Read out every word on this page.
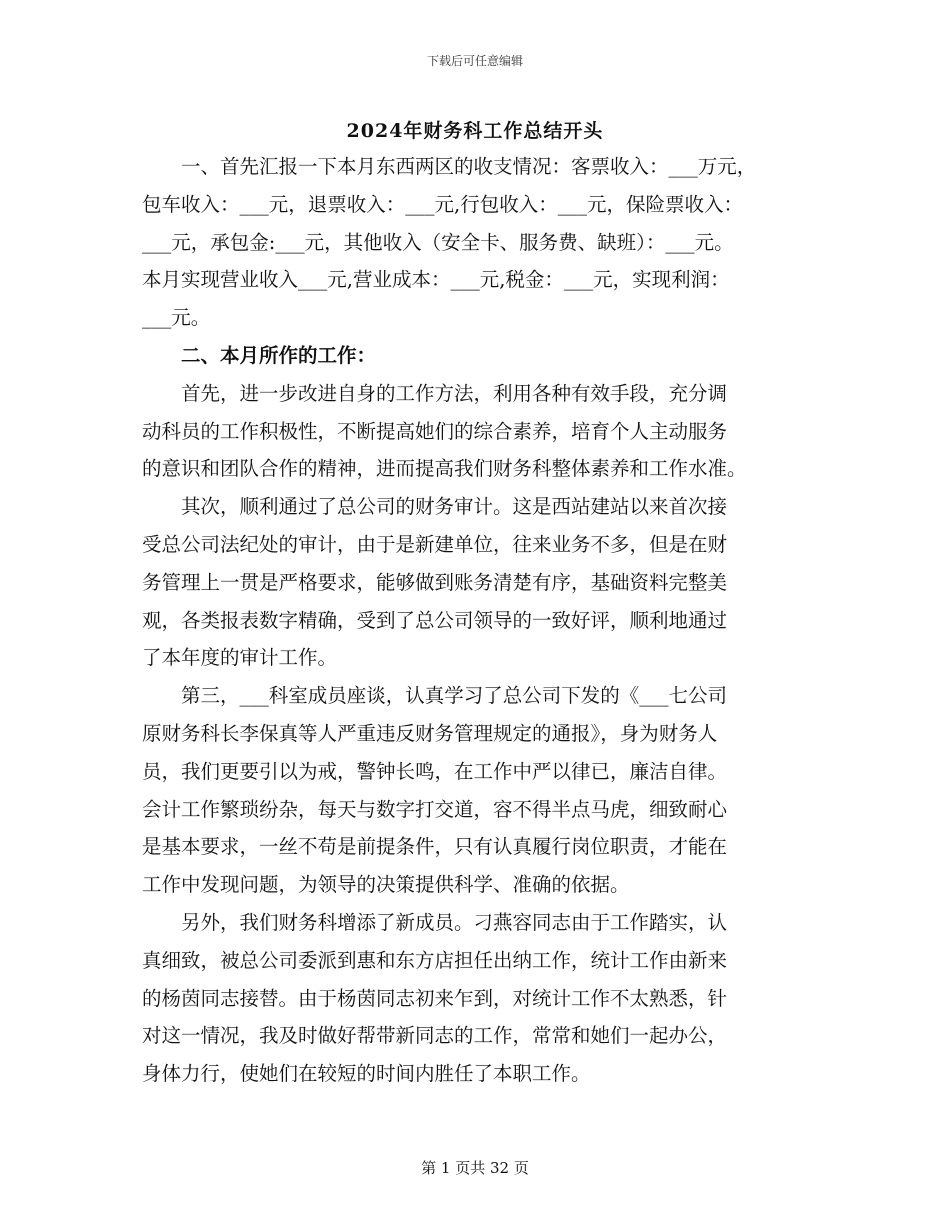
下载后可任意编辑
2024年财务科工作总结开头
　　一、首先汇报一下本月东西两区的收支情况：客票收入：___万元，
包车收入：___元，退票收入：___元,行包收入：___元，保险票收入：
___元，承包金:___元，其他收入（安全卡、服务费、缺班）：___元。
本月实现营业收入___元,营业成本：___元,税金：___元，实现利润：
___元。
　　二、本月所作的工作：
　　首先，进一步改进自身的工作方法，利用各种有效手段，充分调
动科员的工作积极性，不断提高她们的综合素养，培育个人主动服务
的意识和团队合作的精神，进而提高我们财务科整体素养和工作水准。
　　其次，顺利通过了总公司的财务审计。这是西站建站以来首次接
受总公司法纪处的审计，由于是新建单位，往来业务不多，但是在财
务管理上一贯是严格要求，能够做到账务清楚有序，基础资料完整美
观，各类报表数字精确，受到了总公司领导的一致好评，顺利地通过
了本年度的审计工作。
　　第三，___科室成员座谈，认真学习了总公司下发的《___七公司
原财务科长李保真等人严重违反财务管理规定的通报》，身为财务人
员，我们更要引以为戒，警钟长鸣，在工作中严以律已，廉洁自律。
会计工作繁琐纷杂，每天与数字打交道，容不得半点马虎，细致耐心
是基本要求，一丝不苟是前提条件，只有认真履行岗位职责，才能在
工作中发现问题，为领导的决策提供科学、准确的依据。
　　另外，我们财务科增添了新成员。刁燕容同志由于工作踏实，认
真细致，被总公司委派到惠和东方店担任出纳工作，统计工作由新来
的杨茵同志接替。由于杨茵同志初来乍到，对统计工作不太熟悉，针
对这一情况，我及时做好帮带新同志的工作，常常和她们一起办公，
身体力行，使她们在较短的时间内胜任了本职工作。
第 1 页共 32 页
